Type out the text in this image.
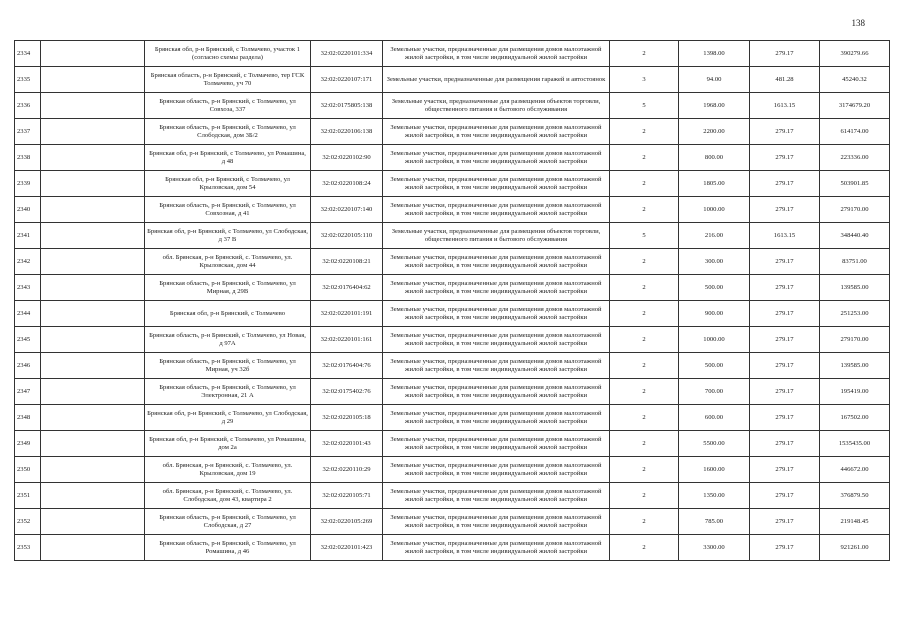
138
2334		Брянская обл, р-н Брянский, с Толмачево, участок 1 (согласно схемы раздела)	32:02:0220101:334	Земельные участки, предназначенные для размещения домов малоэтажной жилой застройки, в том числе индивидуальной жилой застройки	2	1398.00	279.17	390279.66
2335		Брянская область, р-н Брянский, с Толмачево, тер ГСК Толмачево, уч 70	32:02:0220107:171	Земельные участки, предназначенные для размещения гаражей и автостоянок	3	94.00	481.28	45240.32
2336		Брянская область, р-н Брянский, с Толмачево, ул Совхоза, 337	32:02:0175805:138	Земельные участки, предназначенные для размещения объектов торговли, общественного питания и бытового обслуживания	5	1968.00	1613.15	3174679.20
2337		Брянская область, р-н Брянский, с Толмачево, ул Слободская, дом 3Б/2	32:02:0220106:138	Земельные участки, предназначенные для размещения домов малоэтажной жилой застройки, в том числе индивидуальной жилой застройки	2	2200.00	279.17	614174.00
2338		Брянская обл, р-н Брянский, с Толмачево, ул Ромашина, д 48	32:02:0220102:90	Земельные участки, предназначенные для размещения домов малоэтажной жилой застройки, в том числе индивидуальной жилой застройки	2	800.00	279.17	223336.00
2339		Брянская обл, р-н Брянский, с Толмачево, ул Крыловская, дом 54	32:02:0220108:24	Земельные участки, предназначенные для размещения домов малоэтажной жилой застройки, в том числе индивидуальной жилой застройки	2	1805.00	279.17	503901.85
2340		Брянская область, р-н Брянский, с Толмачево, ул Совхозная, д 41	32:02:0220107:140	Земельные участки, предназначенные для размещения домов малоэтажной жилой застройки, в том числе индивидуальной жилой застройки	2	1000.00	279.17	279170.00
2341		Брянская обл, р-н Брянский, с Толмачево, ул Слободская, д 37 В	32:02:0220105:110	Земельные участки, предназначенные для размещения объектов торговли, общественного питания и бытового обслуживания	5	216.00	1613.15	348440.40
2342		обл. Брянская, р-н Брянский, с. Толмачево, ул. Крыловская, дом 44	32:02:0220108:21	Земельные участки, предназначенные для размещения домов малоэтажной жилой застройки, в том числе индивидуальной жилой застройки	2	300.00	279.17	83751.00
2343		Брянская область, р-н Брянский, с Толмачево, ул Мирная, д 29В	32:02:0176404:62	Земельные участки, предназначенные для размещения домов малоэтажной жилой застройки, в том числе индивидуальной жилой застройки	2	500.00	279.17	139585.00
2344		Брянская обл, р-н Брянский, с Толмачево	32:02:0220101:191	Земельные участки, предназначенные для размещения домов малоэтажной жилой застройки, в том числе индивидуальной жилой застройки	2	900.00	279.17	251253.00
2345		Брянская область, р-н Брянский, с Толмачево, ул Новая, д 97А	32:02:0220101:161	Земельные участки, предназначенные для размещения домов малоэтажной жилой застройки, в том числе индивидуальной жилой застройки	2	1000.00	279.17	279170.00
2346		Брянская область, р-н Брянский, с Толмачево, ул Мирная, уч 32б	32:02:0176404:76	Земельные участки, предназначенные для размещения домов малоэтажной жилой застройки, в том числе индивидуальной жилой застройки	2	500.00	279.17	139585.00
2347		Брянская область, р-н Брянский, с Толмачево, ул Электронная, 21 А	32:02:0175402:76	Земельные участки, предназначенные для размещения домов малоэтажной жилой застройки, в том числе индивидуальной жилой застройки	2	700.00	279.17	195419.00
2348		Брянская обл, р-н Брянский, с Толмачево, ул Слободская, д 29	32:02:0220105:18	Земельные участки, предназначенные для размещения домов малоэтажной жилой застройки, в том числе индивидуальной жилой застройки	2	600.00	279.17	167502.00
2349		Брянская обл, р-н Брянский, с Толмачево, ул Ромашина, дом 2а	32:02:0220101:43	Земельные участки, предназначенные для размещения домов малоэтажной жилой застройки, в том числе индивидуальной жилой застройки	2	5500.00	279.17	1535435.00
2350		обл. Брянская, р-н Брянский, с. Толмачево, ул. Крыловская, дом 19	32:02:0220110:29	Земельные участки, предназначенные для размещения домов малоэтажной жилой застройки, в том числе индивидуальной жилой застройки	2	1600.00	279.17	446672.00
2351		обл. Брянская, р-н Брянский, с. Толмачево, ул. Слободская, дом 43, квартира 2	32:02:0220105:71	Земельные участки, предназначенные для размещения домов малоэтажной жилой застройки, в том числе индивидуальной жилой застройки	2	1350.00	279.17	376879.50
2352		Брянская область, р-н Брянский, с Толмачево, ул Слободская, д 27	32:02:0220105:269	Земельные участки, предназначенные для размещения домов малоэтажной жилой застройки, в том числе индивидуальной жилой застройки	2	785.00	279.17	219148.45
2353		Брянская область, р-н Брянский, с Толмачево, ул Ромашина, д 46	32:02:0220101:423	Земельные участки, предназначенные для размещения домов малоэтажной жилой застройки, в том числе индивидуальной жилой застройки	2	3300.00	279.17	921261.00
